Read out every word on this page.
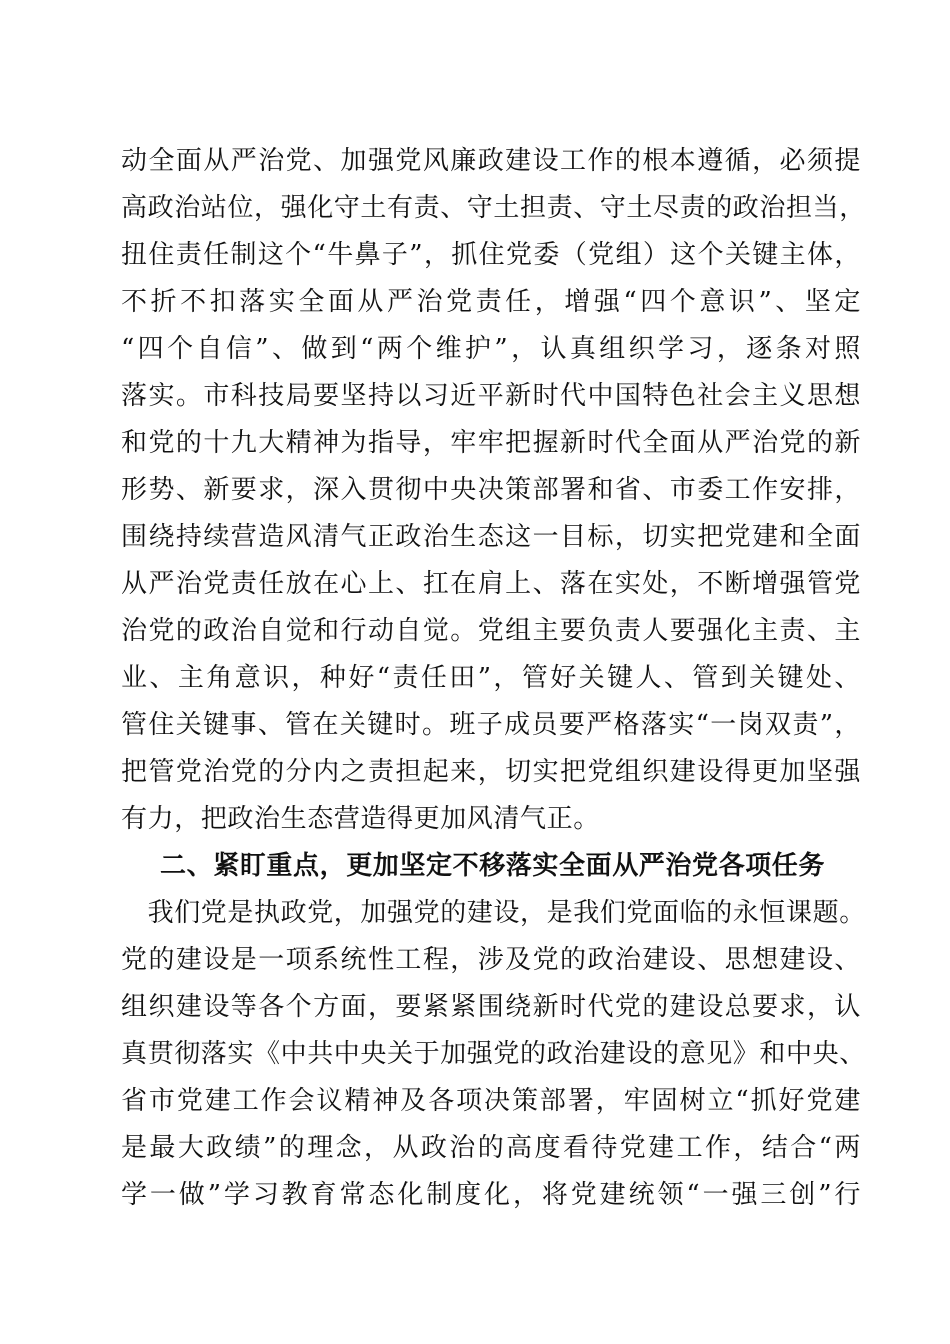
动全面从严治党、加强党风廉政建设工作的根本遵循，必须提
高政治站位，强化守土有责、守土担责、守土尽责的政治担当，
扭住责任制这个“牛鼻子”，抓住党委（党组）这个关键主体，
不折不扣落实全面从严治党责任，增强“四个意识”、坚定
“四个自信”、做到“两个维护”，认真组织学习，逐条对照
落实。市科技局要坚持以习近平新时代中国特色社会主义思想
和党的十九大精神为指导，牢牢把握新时代全面从严治党的新
形势、新要求，深入贯彻中央决策部署和省、市委工作安排，
围绕持续营造风清气正政治生态这一目标，切实把党建和全面
从严治党责任放在心上、扛在肩上、落在实处，不断增强管党
治党的政治自觉和行动自觉。党组主要负责人要强化主责、主
业、主角意识，种好“责任田”，管好关键人、管到关键处、
管住关键事、管在关键时。班子成员要严格落实“一岗双责”，
把管党治党的分内之责担起来，切实把党组织建设得更加坚强
有力，把政治生态营造得更加风清气正。
二、紧盯重点，更加坚定不移落实全面从严治党各项任务
　我们党是执政党，加强党的建设，是我们党面临的永恒课题。
党的建设是一项系统性工程，涉及党的政治建设、思想建设、
组织建设等各个方面，要紧紧围绕新时代党的建设总要求，认
真贯彻落实《中共中央关于加强党的政治建设的意见》和中央、
省市党建工作会议精神及各项决策部署，牢固树立“抓好党建
是最大政绩”的理念，从政治的高度看待党建工作，结合“两
学一做”学习教育常态化制度化，将党建统领“一强三创”行
